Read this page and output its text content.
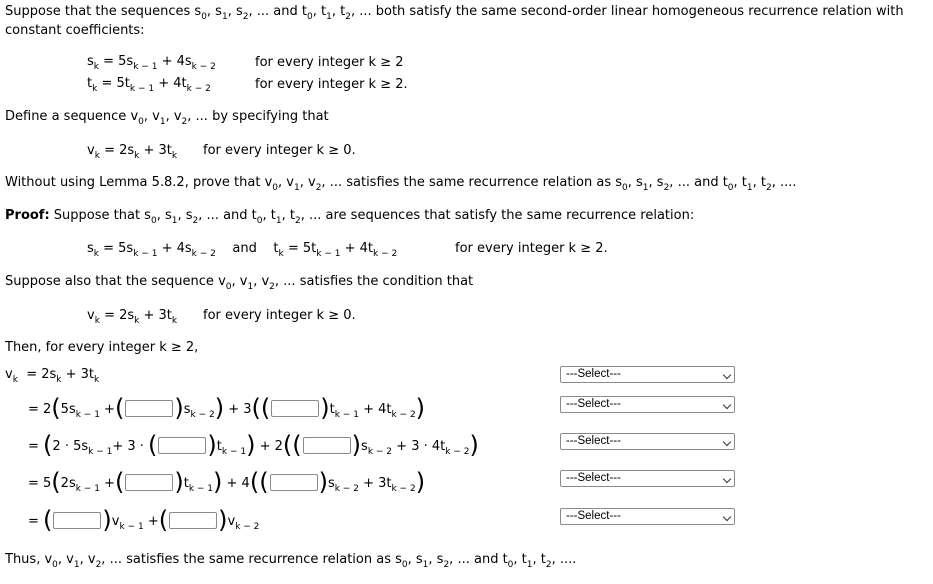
Suppose that the sequences $s_0$, $s_1$, $s_2$, ... and $t_0$, $t_1$, $t_2$, ... both satisfy the same second-order linear homogeneous recurrence relation with
constant coefficients:
$s_k = 5s_{k - 1} + 4s_{k - 2}$	for every integer k ≥ 2
$t_k = 5t_{k - 1} + 4t_{k - 2}$	for every integer k ≥ 2.
Define a sequence $v_0$, $v_1$, $v_2$, ... by specifying that
$v_k = 2s_k + 3t_k$ for every integer k ≥ 0.
Without using Lemma 5.8.2, prove that $v_0$, $v_1$, $v_2$, ... satisfies the same recurrence relation as $s_0$, $s_1$, $s_2$, ... and $t_0$, $t_1$, $t_2$, ....
Proof: Suppose that $s_0$, $s_1$, $s_2$, ... and $t_0$, $t_1$, $t_2$, ... are sequences that satisfy the same recurrence relation:
$s_k = 5s_{k - 1} + 4s_{k - 2}$ and $t_k = 5t_{k - 1} + 4t_{k - 2}$	for every integer k ≥ 2.
Suppose also that the sequence $v_0$, $v_1$, $v_2$, ... satisfies the condition that
$v_k = 2s_k + 3t_k$ for every integer k ≥ 0.
Then, for every integer k ≥ 2,
$v_k = 2s_k + 3t_k$	---Select---
= $2(5s_{k - 1}$ +( )$s_{k - 2}) + 3$(( )$t_{k - 1} + 4t_{k - 2}$)	---Select---
= ($2 \cdot 5s_{k - 1}+ 3$ · ( )$t_{k - 1}) + 2$(( )$s_{k - 2} + 3 \cdot 4t_{k - 2}$)	---Select---
= $5(2s_{k - 1}$ +( )$t_{k - 1}) + 4$(( )$s_{k - 2} + 3t_{k - 2}$)	---Select---
= ( )$v_{k - 1}$ +( )$v_{k - 2}$
---Select---
Thus, $v_0$, $v_1$, $v_2$, ... satisfies the same recurrence relation as $s_0$, $s_1$, $s_2$, ... and $t_0$, $t_1$, $t_2$, ....
